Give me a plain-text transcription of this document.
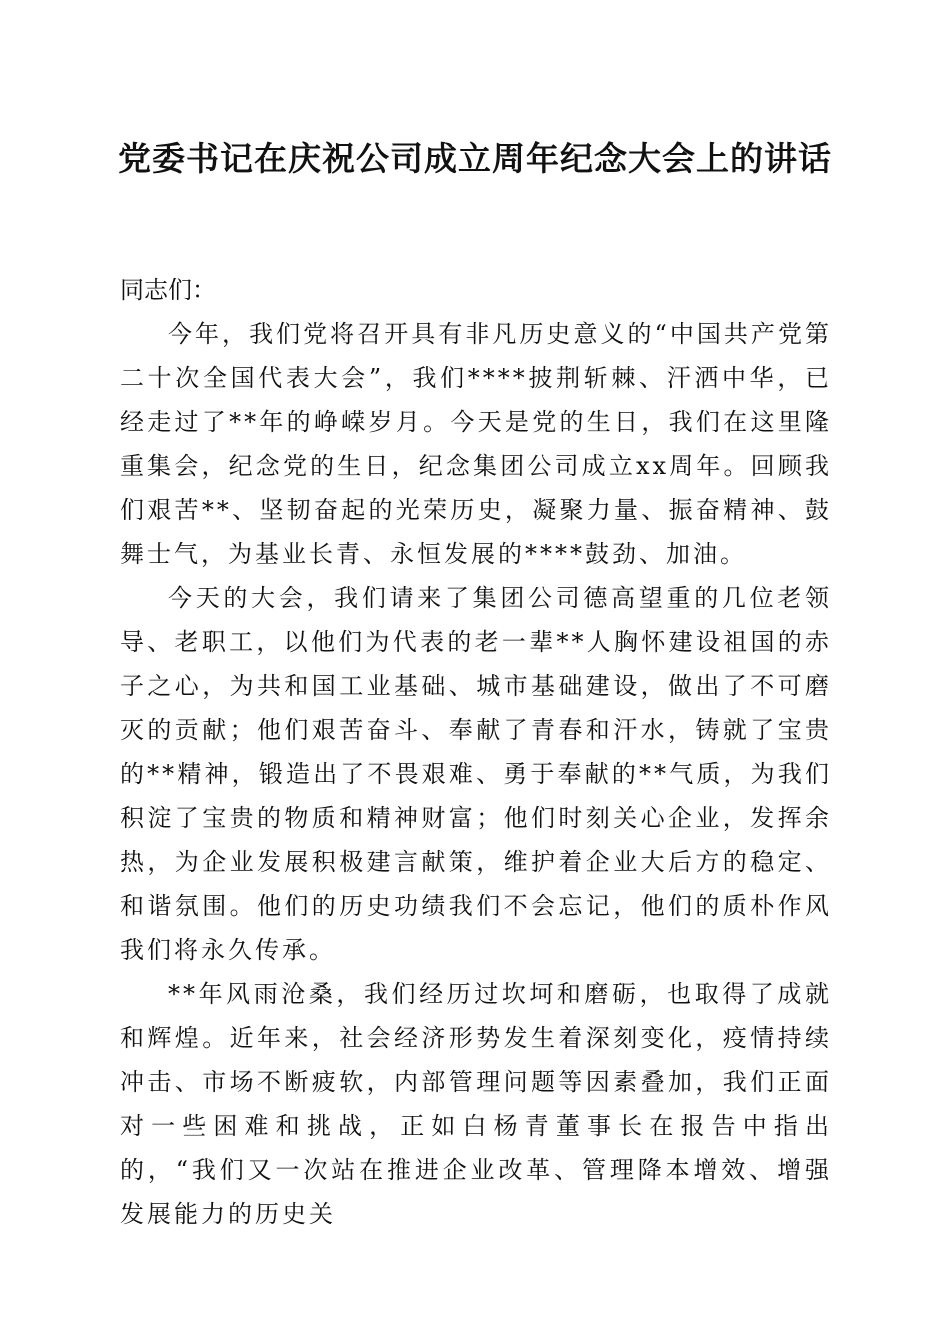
党委书记在庆祝公司成立周年纪念大会上的讲话

同志们：

今年，我们党将召开具有非凡历史意义的“中国共产党第二十次全国代表大会”，我们****披荆斩棘、汗洒中华，已经走过了**年的峥嵘岁月。今天是党的生日，我们在这里隆重集会，纪念党的生日，纪念集团公司成立xx周年。回顾我们艰苦**、坚韧奋起的光荣历史，凝聚力量、振奋精神、鼓舞士气，为基业长青、永恒发展的****鼓劲、加油。

今天的大会，我们请来了集团公司德高望重的几位老领导、老职工，以他们为代表的老一辈**人胸怀建设祖国的赤子之心，为共和国工业基础、城市基础建设，做出了不可磨灭的贡献；他们艰苦奋斗、奉献了青春和汗水，铸就了宝贵的**精神，锻造出了不畏艰难、勇于奉献的**气质，为我们积淀了宝贵的物质和精神财富；他们时刻关心企业，发挥余热，为企业发展积极建言献策，维护着企业大后方的稳定、和谐氛围。他们的历史功绩我们不会忘记，他们的质朴作风我们将永久传承。

**年风雨沧桑，我们经历过坎坷和磨砺，也取得了成就和辉煌。近年来，社会经济形势发生着深刻变化，疫情持续冲击、市场不断疲软，内部管理问题等因素叠加，我们正面对一些困难和挑战，正如白杨青董事长在报告中指出的，“我们又一次站在推进企业改革、管理降本增效、增强发展能力的历史关
